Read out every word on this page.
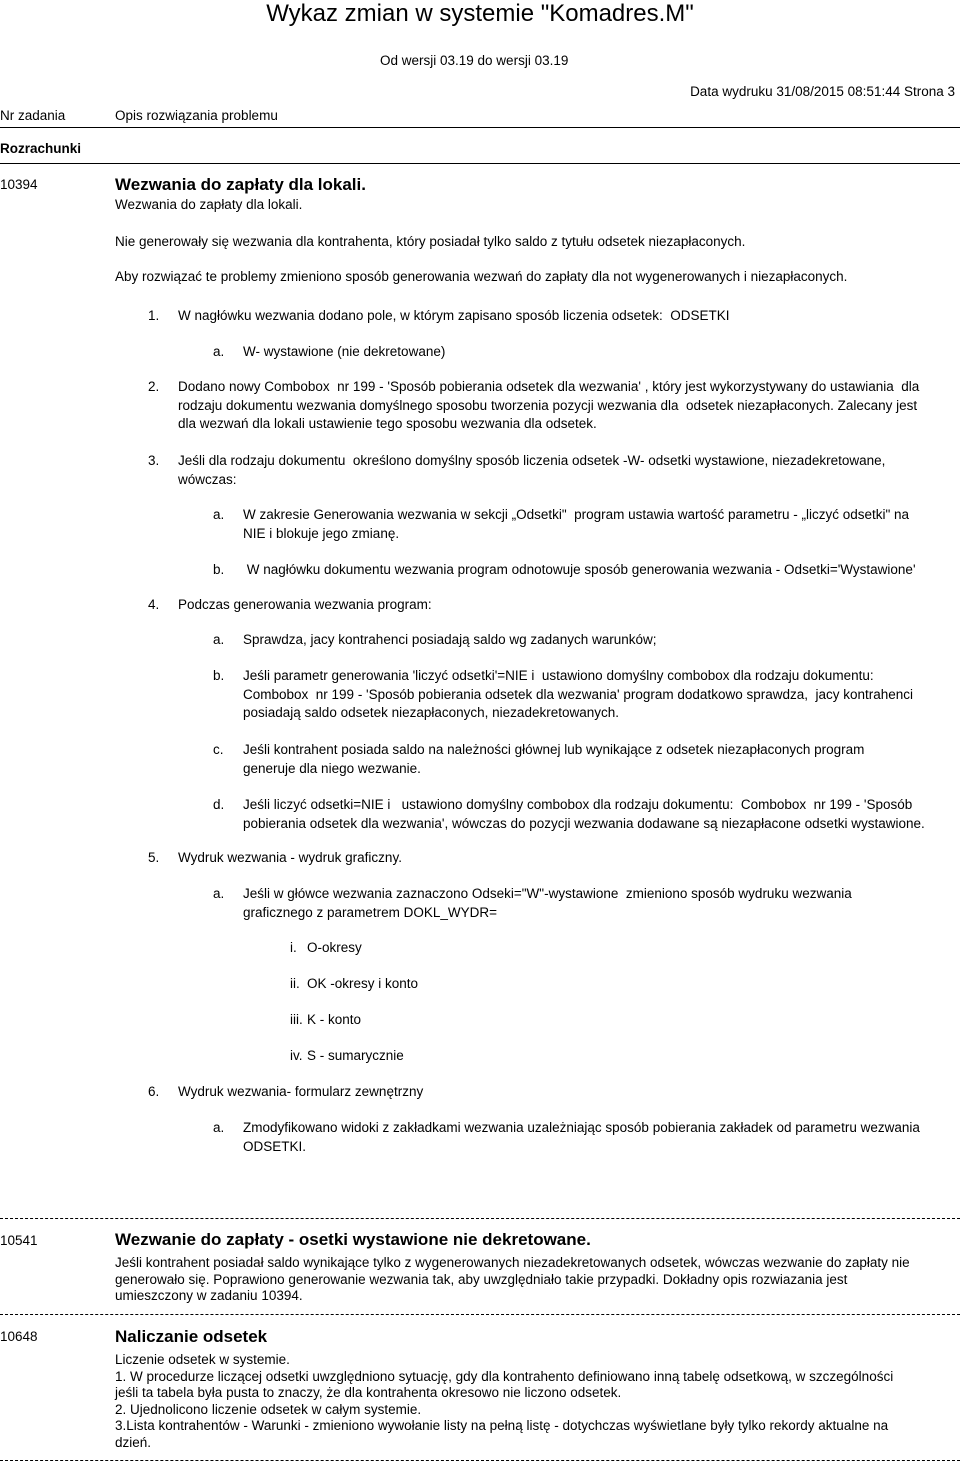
Wykaz zmian w systemie "Komadres.M"
Od wersji 03.19 do wersji 03.19
Nr zadania	Opis rozwiązania problemu
Data wydruku 31/08/2015 08:51:44 Strona 3
Rozrachunki
10394	Wezwania do zapłaty dla lokali.
Wezwania do zapłaty dla lokali.
Nie generowały się wezwania dla kontrahenta, który posiadał tylko saldo z tytułu odsetek niezapłaconych.
Aby rozwiązać te problemy zmieniono sposób generowania wezwań do zapłaty dla not wygenerowanych i niezapłaconych.
1. W nagłówku wezwania dodano pole, w którym zapisano sposób liczenia odsetek:  ODSETKI
a. W- wystawione (nie dekretowane)
2. Dodano nowy Combobox  nr 199 - 'Sposób pobierania odsetek dla wezwania' , który jest wykorzystywany do ustawiania  dla
rodzaju dokumentu wezwania domyślnego sposobu tworzenia pozycji wezwania dla  odsetek niezapłaconych. Zalecany jest
dla wezwań dla lokali ustawienie tego sposobu wezwania dla odsetek.
3. Jeśli dla rodzaju dokumentu  określono domyślny sposób liczenia odsetek -W- odsetki wystawione, niezadekretowane,
wówczas:
a. W zakresie Generowania wezwania w sekcji „Odsetki"  program ustawia wartość parametru - „liczyć odsetki" na
NIE i blokuje jego zmianę.
b. W nagłówku dokumentu wezwania program odnotowuje sposób generowania wezwania - Odsetki='Wystawione'
4. Podczas generowania wezwania program:
a. Sprawdza, jacy kontrahenci posiadają saldo wg zadanych warunków;
b. Jeśli parametr generowania 'liczyć odsetki'=NIE i  ustawiono domyślny combobox dla rodzaju dokumentu:
Combobox  nr 199 - 'Sposób pobierania odsetek dla wezwania' program dodatkowo sprawdza,  jacy kontrahenci
posiadają saldo odsetek niezapłaconych, niezadekretowanych.
c. Jeśli kontrahent posiada saldo na należności głównej lub wynikające z odsetek niezapłaconych program
generuje dla niego wezwanie.
d. Jeśli liczyć odsetki=NIE i   ustawiono domyślny combobox dla rodzaju dokumentu:  Combobox  nr 199 - 'Sposób
pobierania odsetek dla wezwania', wówczas do pozycji wezwania dodawane są niezapłacone odsetki wystawione.
5. Wydruk wezwania - wydruk graficzny.
a. Jeśli w główce wezwania zaznaczono Odseki="W"-wystawione  zmieniono sposób wydruku wezwania
graficznego z parametrem DOKL_WYDR=
i. O-okresy
ii. OK -okresy i konto
iii. K - konto
iv. S - sumarycznie
6. Wydruk wezwania- formularz zewnętrzny
a. Zmodyfikowano widoki z zakładkami wezwania uzależniając sposób pobierania zakładek od parametru wezwania
ODSETKI.
10541	Wezwanie do zapłaty - osetki wystawione nie dekretowane.
Jeśli kontrahent posiadał saldo wynikające tylko z wygenerowanych niezadekretowanych odsetek, wówczas wezwanie do zapłaty nie
generowało się. Poprawiono generowanie wezwania tak, aby uwzględniało takie przypadki. Dokładny opis rozwiazania jest
umieszczony w zadaniu 10394.
10648	Naliczanie odsetek
Liczenie odsetek w systemie.
1. W procedurze liczącej odsetki uwzględniono sytuację, gdy dla kontrahento definiowano inną tabelę odsetkową, w szczególności
jeśli ta tabela była pusta to znaczy, że dla kontrahenta okresowo nie liczono odsetek.
2. Ujednolicono liczenie odsetek w całym systemie.
3.Lista kontrahentów - Warunki - zmieniono wywołanie listy na pełną listę - dotychczas wyświetlane były tylko rekordy aktualne na
dzień.
